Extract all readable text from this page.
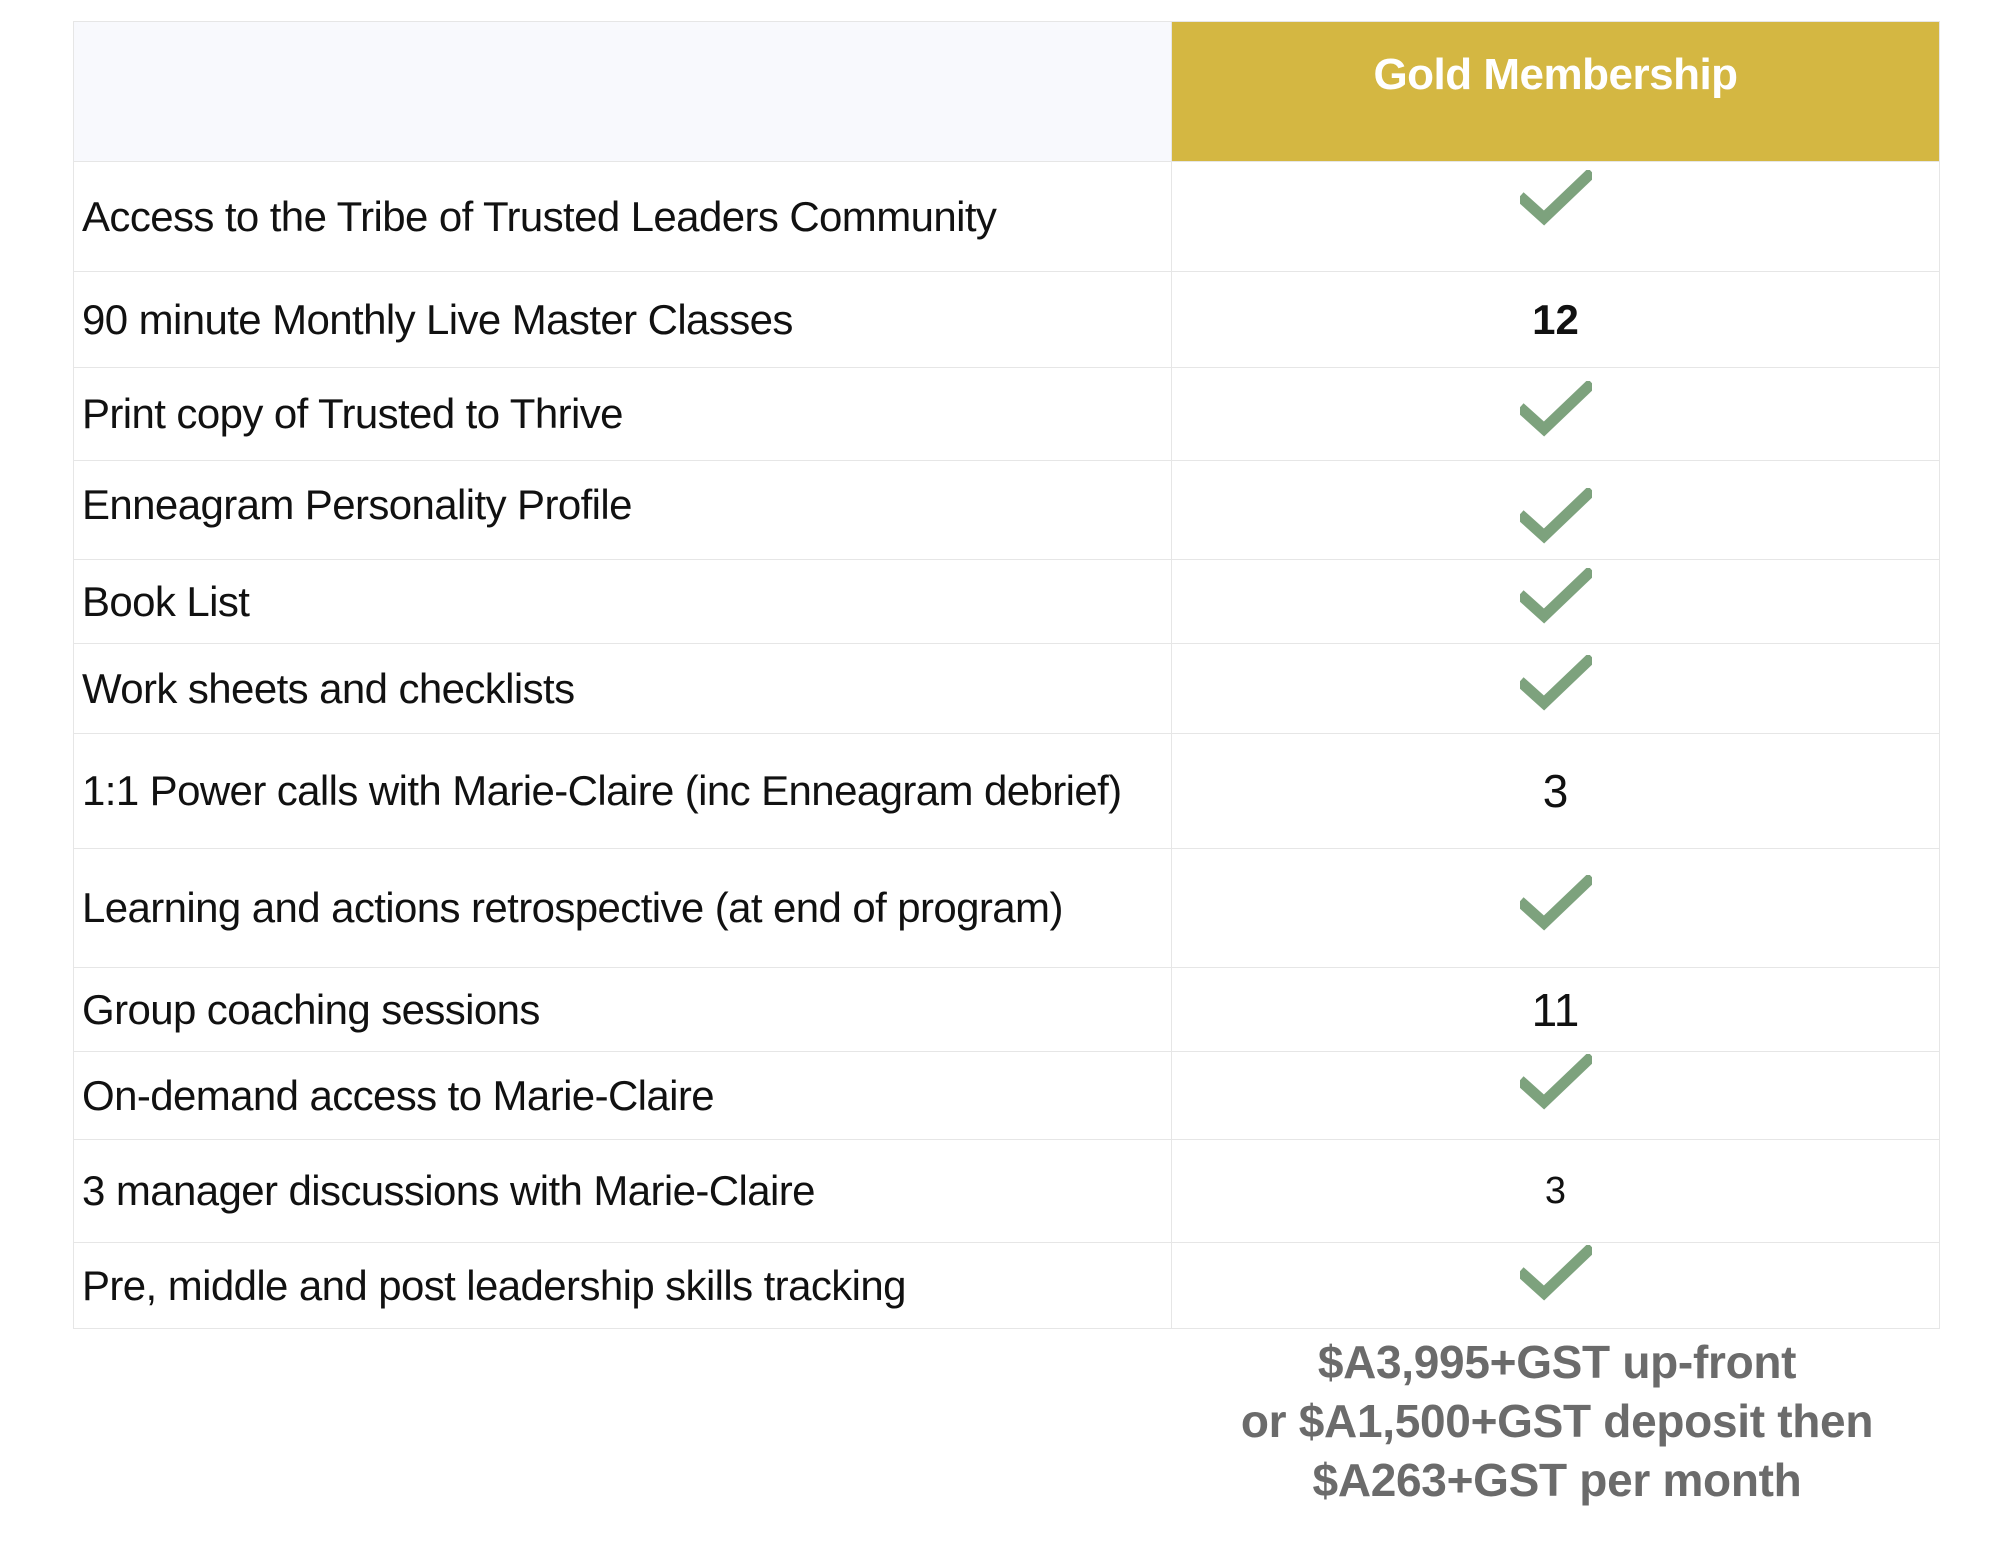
	Gold Membership
Access to the Tribe of Trusted Leaders Community	

90 minute Monthly Live Master Classes	12
Print copy of Trusted to Thrive	

Enneagram Personality Profile	

Book List	

Work sheets and checklists	

1:1 Power calls with Marie-Claire (inc Enneagram debrief)	3
Learning and actions retrospective (at end of program)	

Group coaching sessions	11
On-demand access to Marie-Claire	

3 manager discussions with Marie-Claire	3
Pre, middle and post leadership skills tracking	
$A3,995+GST up-front
or $A1,500+GST deposit then
$A263+GST per month
